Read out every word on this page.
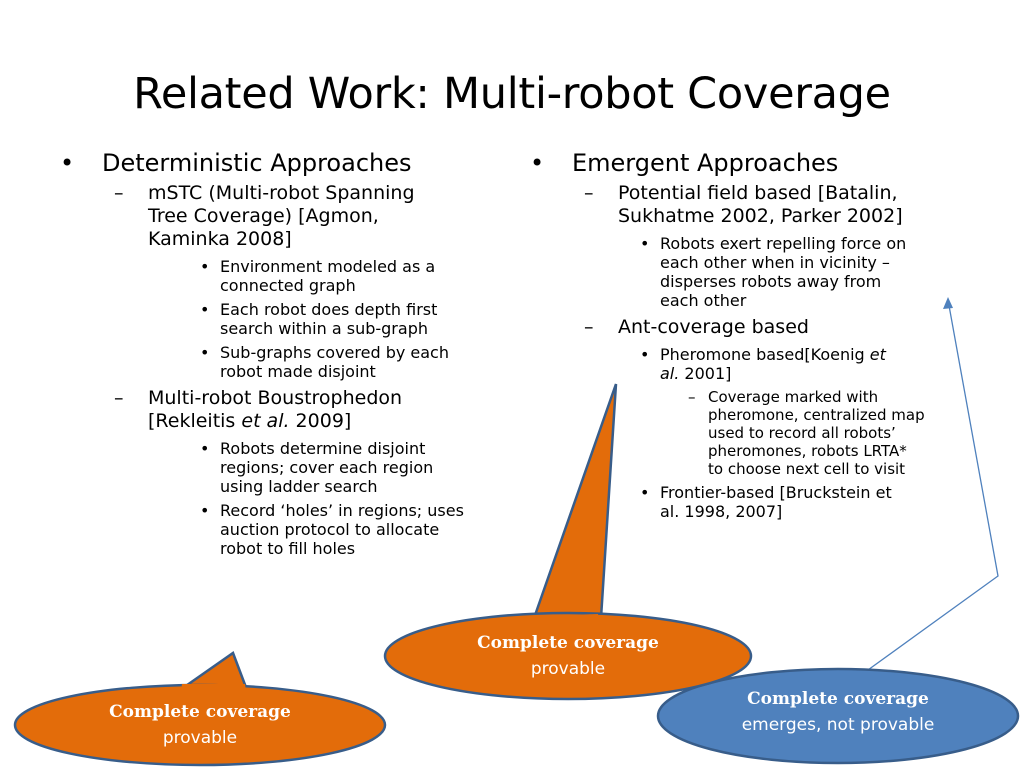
Related Work: Multi-robot Coverage
• Deterministic Approaches
– mSTC (Multi-robot Spanning
Tree Coverage) [Agmon,
Kaminka 2008]
• Environment modeled as a
connected graph
• Each robot does depth first
search within a sub-graph
• Sub-graphs covered by each
robot made disjoint
– Multi-robot Boustrophedon
[Rekleitis et al. 2009]
• Robots determine disjoint
regions; cover each region
using ladder search
• Record ‘holes’ in regions; uses
auction protocol to allocate
robot to fill holes
• Emergent Approaches
– Potential field based [Batalin,
Sukhatme 2002, Parker 2002]
• Robots exert repelling force on
each other when in vicinity –
disperses robots away from
each other
– Ant-coverage based
• Pheromone based[Koenig et
al. 2001]
– Coverage marked with
pheromone, centralized map
used to record all robots’
pheromones, robots LRTA*
to choose next cell to visit
• Frontier-based [Bruckstein et
al. 1998, 2007]
Complete coverage
provable
Complete coverage
provable
Complete coverage
emerges, not provable
